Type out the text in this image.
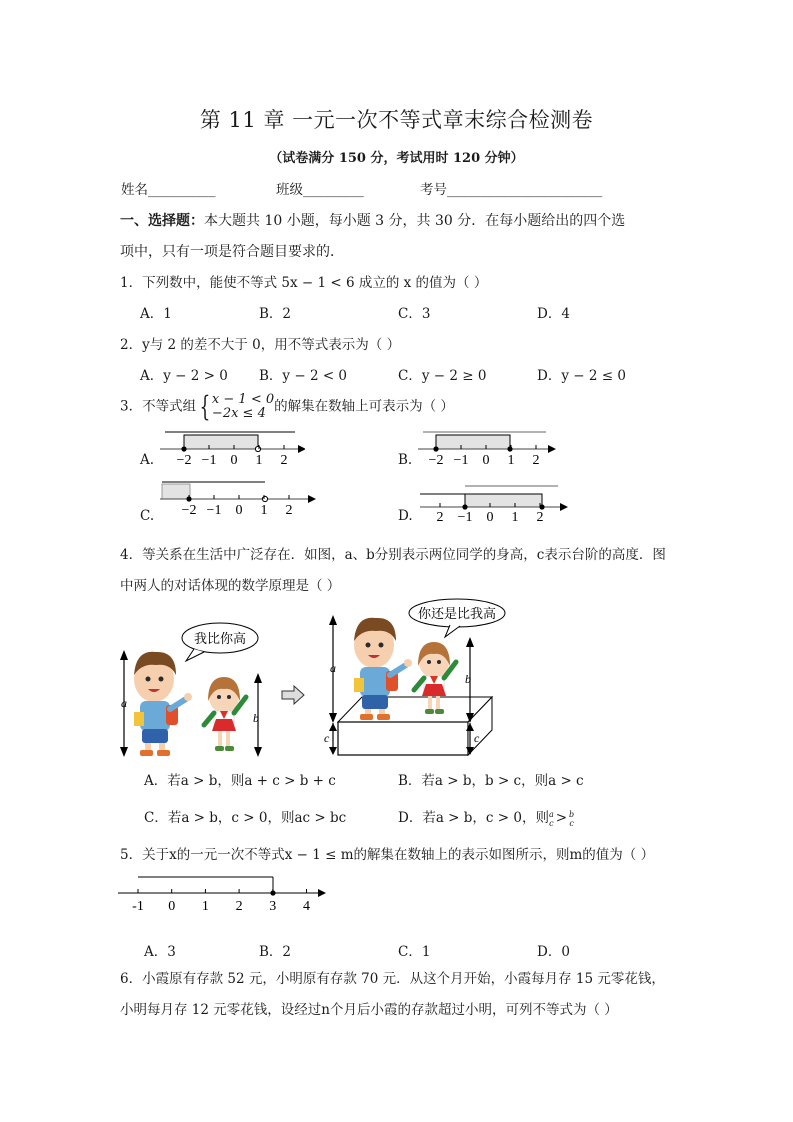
第 11 章 一元一次不等式章末综合检测卷
（试卷满分 150 分，考试用时 120 分钟）
姓名__________	班级_________	考号_______________________
一、选择题：本大题共 10 小题，每小题 3 分，共 30 分．在每小题给出的四个选
项中，只有一项是符合题目要求的．
1．下列数中，能使不等式 5x − 1 < 6 成立的 x 的值为（ ）
A．1	B．2	C．3	D．4
2．y与 2 的差不大于 0，用不等式表示为（ ）
A．y − 2 > 0 B．y − 2 < 0	C．y − 2 ≥ 0	D．y − 2 ≤ 0
3．不等式组 { x − 1 < 0
−2x ≤ 4 的解集在数轴上可表示为（ ）
A.	B.
C.	D.
−2 −1 0 1 2	−2 −1 0 1 2
−2 −1 0 1 2	2 −1 0 1 2
4．等关系在生活中广泛存在．如图，a、b分别表示两位同学的身高，c表示台阶的高度．图
中两人的对话体现的数学原理是（ ）
a
我比你高
b
a
c
你还是比我高
b
c
A．若a > b，则a + c > b + c	B．若a > b，b > c，则a > c
C．若a > b，c > 0，则ac > bc	D．若a > b，c > 0，则a
c > b
c
5．关于x的一元一次不等式x − 1 ≤ m的解集在数轴上的表示如图所示，则m的值为（ ）
-1 0 1 2 3 4
A．3	B．2	C．1	D．0
6．小霞原有存款 52 元，小明原有存款 70 元．从这个月开始，小霞每月存 15 元零花钱，
小明每月存 12 元零花钱，设经过n个月后小霞的存款超过小明，可列不等式为（ ）
